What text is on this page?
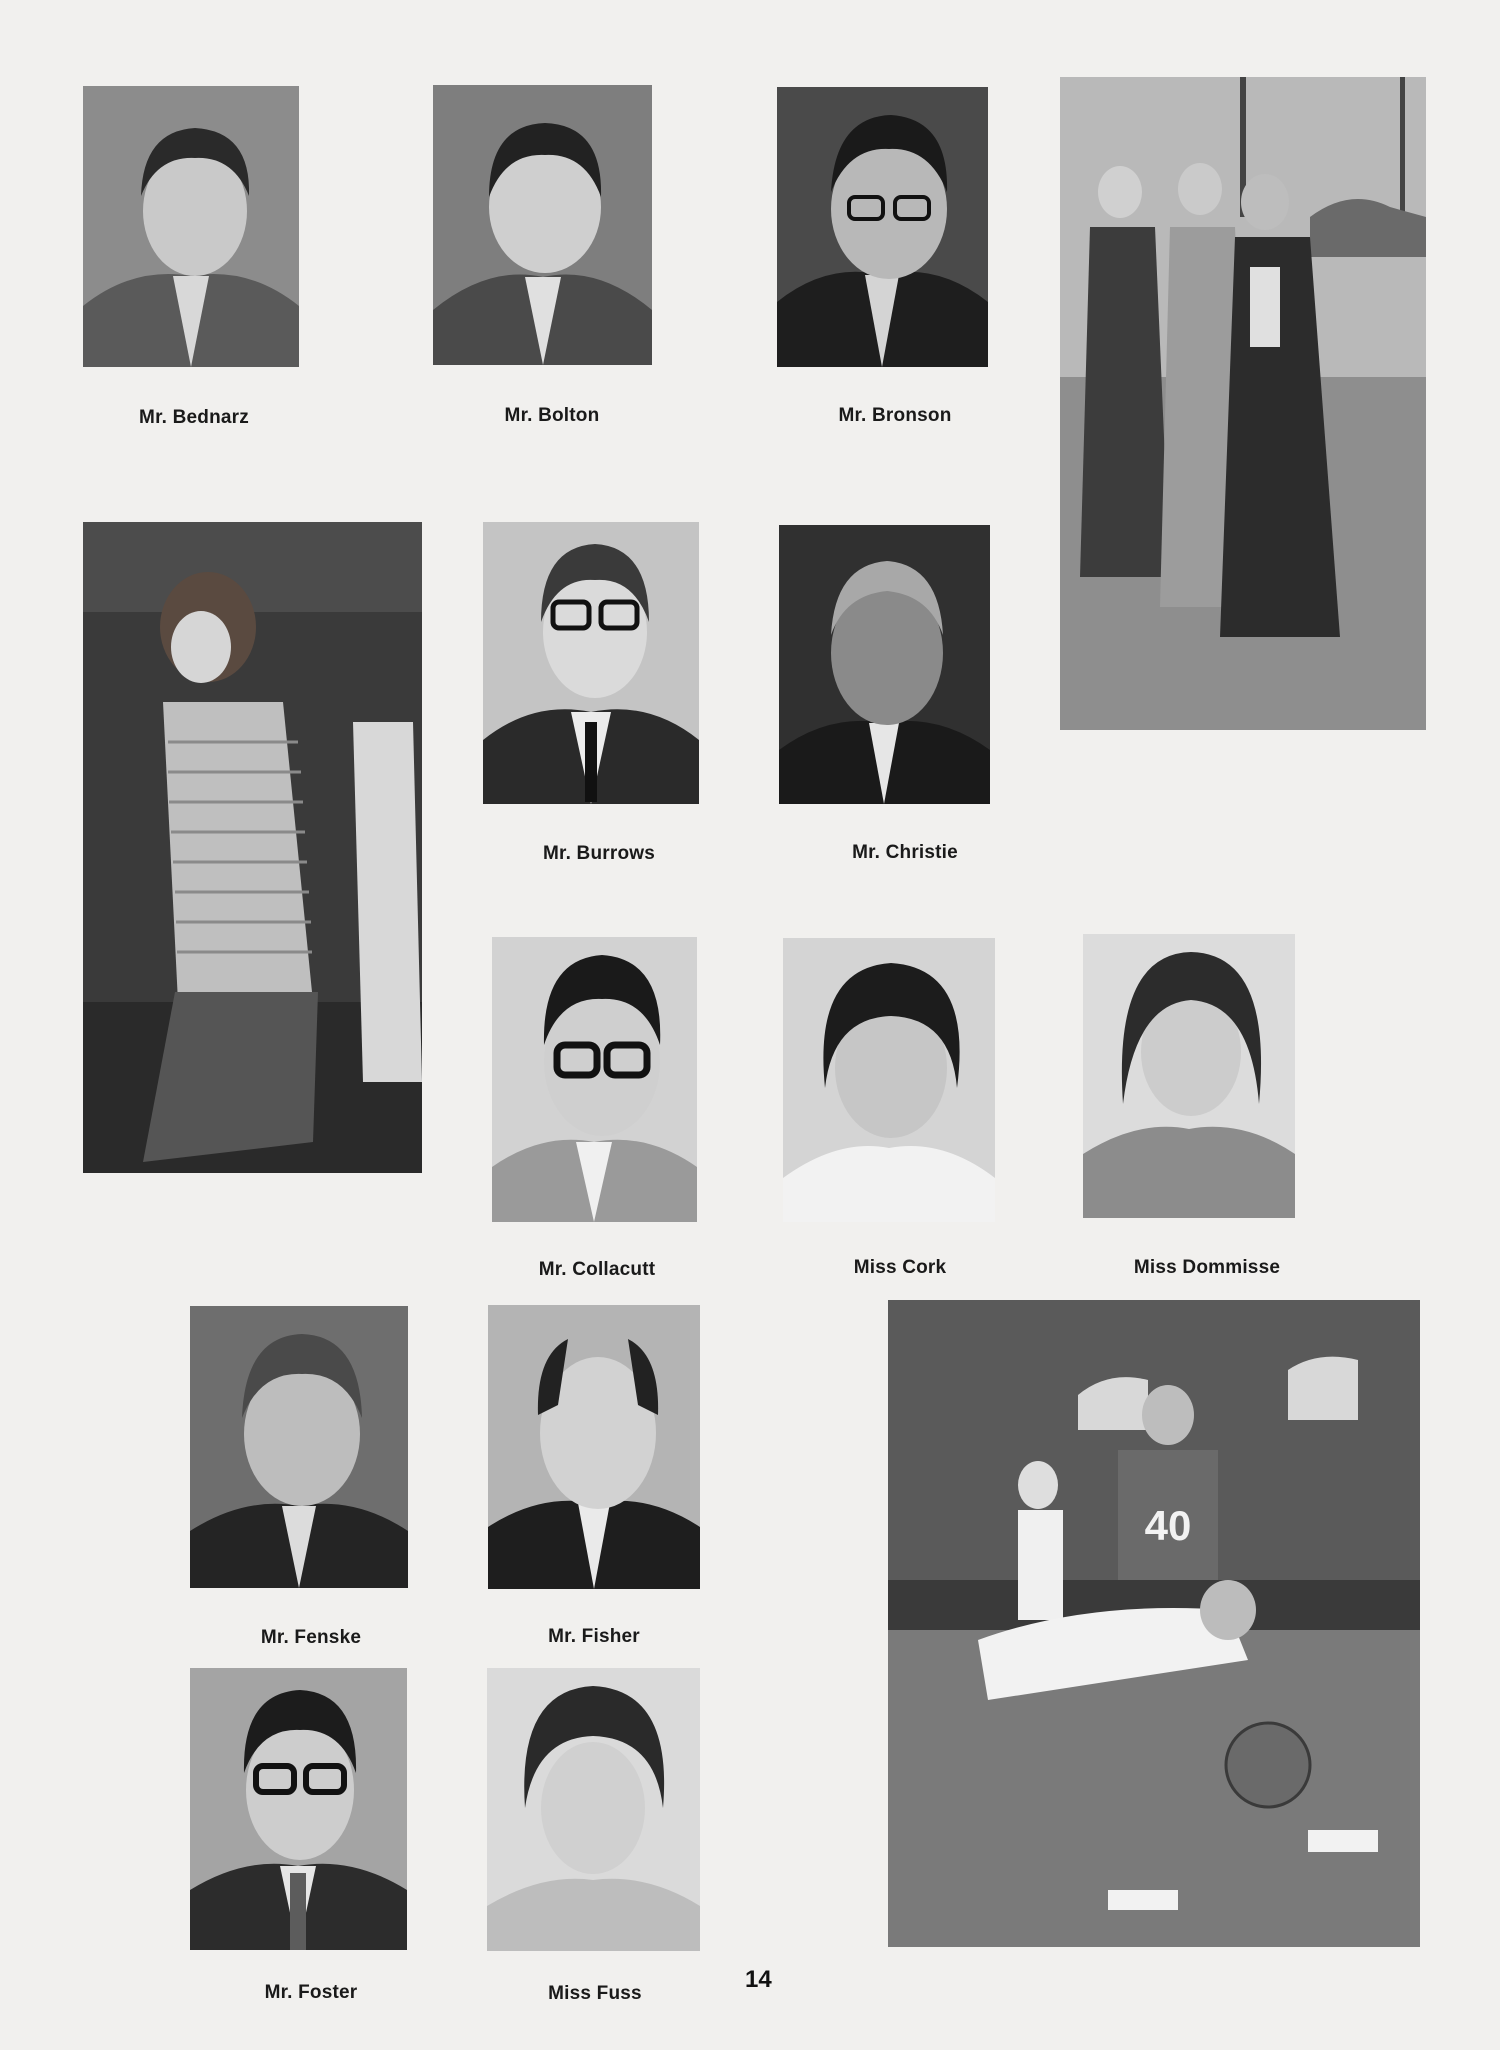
Mr. Bednarz	Mr. Bolton	Mr. Bronson
Mr. Burrows	Mr. Christie
Mr. Collacutt	Miss Cork	Miss Dommisse
Mr. Fenske	Mr. Fisher
40
Mr. Foster	Miss Fuss
14
